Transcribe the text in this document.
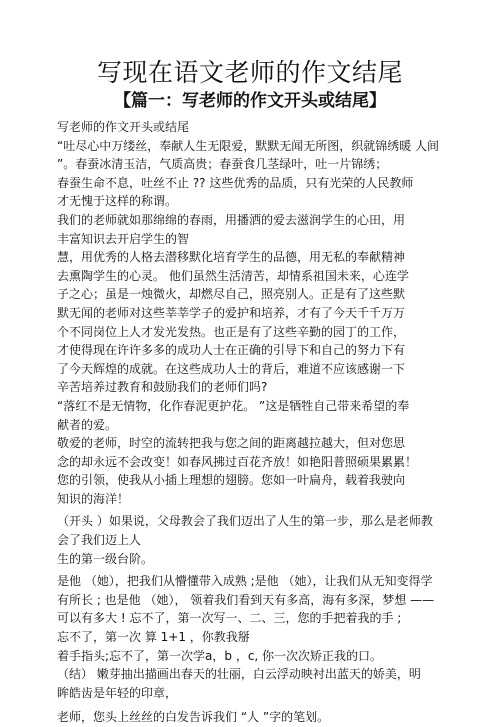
写现在语文老师的作文结尾
【篇一：写老师的作文开头或结尾】
写老师的作文开头或结尾
“吐尽心中万缕丝，奉献人生无限爱，默默无闻无所图，织就锦绣暖 人间
”。春蚕冰清玉洁，气质高贵；春蚕食几茎绿叶，吐一片锦绣；
春蚕生命不息，吐丝不止 ?? 这些优秀的品质，只有光荣的人民教师
才无愧于这样的称谓。
我们的老师就如那绵绵的春雨，用播洒的爱去滋润学生的心田，用
丰富知识去开启学生的智
慧，用优秀的人格去潜移默化培育学生的品德，用无私的奉献精神
去熏陶学生的心灵。 他们虽然生活清苦，却情系祖国未来，心连学
子之心；虽是一烛微火，却燃尽自己，照亮别人。正是有了这些默
默无闻的老师对这些莘莘学子的爱护和培养，才有了今天千千万万
个不同岗位上人才发光发热。也正是有了这些辛勤的园丁的工作，
才使得现在许许多多的成功人士在正确的引导下和自己的努力下有
了今天辉煌的成就。在这些成功人士的背后，难道不应该感谢一下
辛苦培养过教育和鼓励我们的老师们吗?
“落红不是无情物，化作春泥更护花。 ”这是牺牲自己带来希望的奉
献者的爱。
敬爱的老师，时空的流转把我与您之间的距离越拉越大，但对您思
念的却永远不会改变！如春风拂过百花齐放！如艳阳普照硕果累累！
您的引领，使我从小插上理想的翅膀。您如一叶扁舟，载着我驶向
知识的海洋！
（开头 ）如果说，父母教会了我们迈出了人生的第一步，那么是老师教
会了我们迈上人
生的第一级台阶。
是他 （她），把我们从懵懂带入成熟 ;是他 （她），让我们从无知变得学
有所长 ; 也是他 （她）， 领着我们看到天有多高，海有多深，梦想 ——
可以有多大 ! 忘不了，第一次写一、二、三，您的手把着我的手 ;
忘不了，第一次 算 1+1 ，你教我掰
着手指头;忘不了，第一次学a，b ，c, 你一次次矫正我的口。
（结） 嫩芽抽出描画出春天的壮丽，白云浮动映衬出蓝天的娇美，明
眸皓齿是年轻的印章，
老师，您头上丝丝的白发告诉我们 “人 ”字的笔划。
